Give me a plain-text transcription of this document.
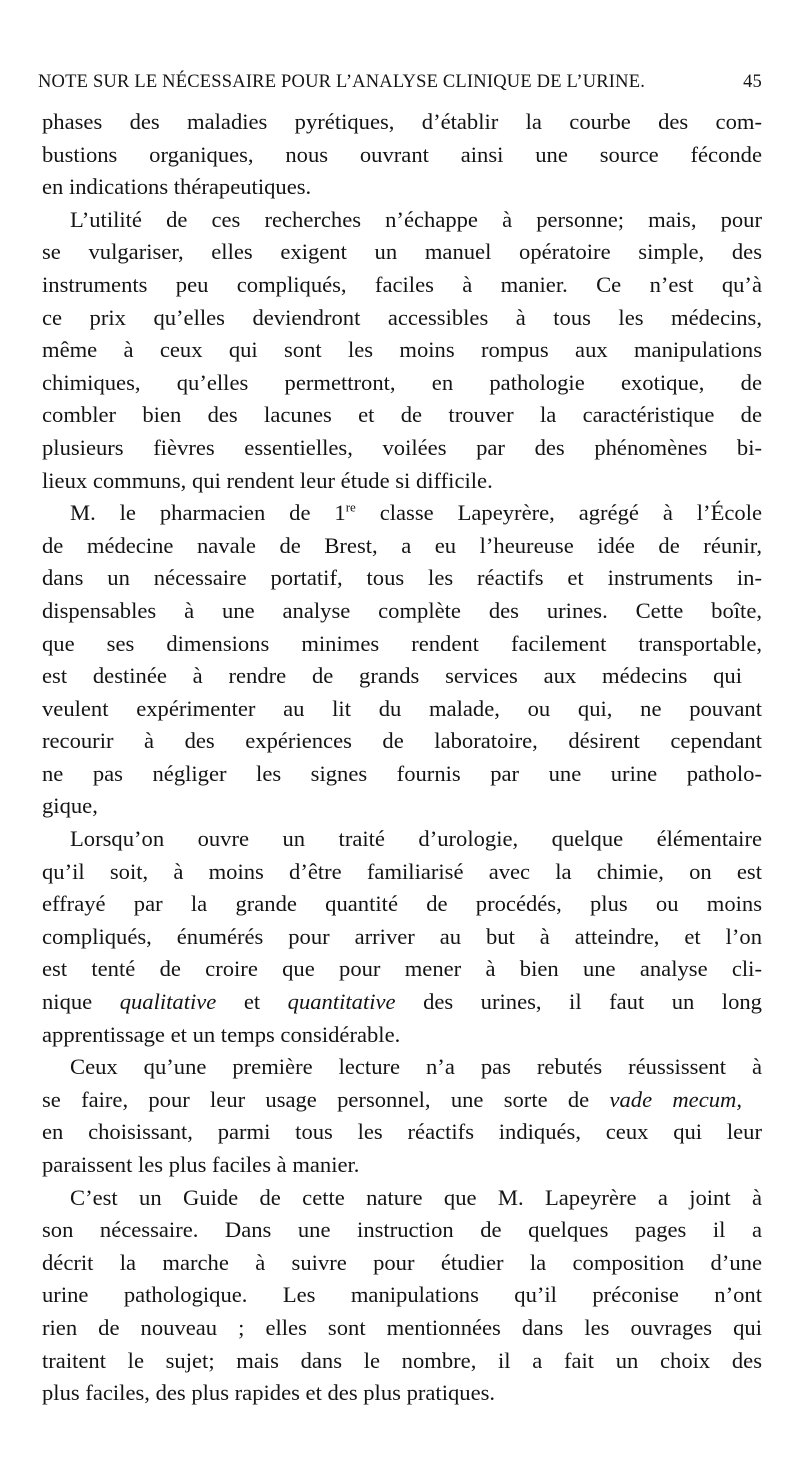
NOTE SUR LE NÉCESSAIRE POUR L’ANALYSE CLINIQUE DE L’URINE.	45
phases des maladies pyrétiques, d’établir la courbe des com-
bustions organiques, nous ouvrant ainsi une source féconde
en indications thérapeutiques.
L’utilité de ces recherches n’échappe à personne; mais, pour
se vulgariser, elles exigent un manuel opératoire simple, des
instruments peu compliqués, faciles à manier. Ce n’est qu’à
ce prix qu’elles deviendront accessibles à tous les médecins,
même à ceux qui sont les moins rompus aux manipulations
chimiques, qu’elles permettront, en pathologie exotique, de
combler bien des lacunes et de trouver la caractéristique de
plusieurs fièvres essentielles, voilées par des phénomènes bi-
lieux communs, qui rendent leur étude si difficile.
M. le pharmacien de 1re classe Lapeyrère, agrégé à l’École
de médecine navale de Brest, a eu l’heureuse idée de réunir,
dans un nécessaire portatif, tous les réactifs et instruments in-
dispensables à une analyse complète des urines. Cette boîte,
que ses dimensions minimes rendent facilement transportable,
est destinée à rendre de grands services aux médecins qui
veulent expérimenter au lit du malade, ou qui, ne pouvant
recourir à des expériences de laboratoire, désirent cependant
ne pas négliger les signes fournis par une urine patholo-
gique,
Lorsqu’on ouvre un traité d’urologie, quelque élémentaire
qu’il soit, à moins d’être familiarisé avec la chimie, on est
effrayé par la grande quantité de procédés, plus ou moins
compliqués, énumérés pour arriver au but à atteindre, et l’on
est tenté de croire que pour mener à bien une analyse cli-
nique qualitative et quantitative des urines, il faut un long
apprentissage et un temps considérable.
Ceux qu’une première lecture n’a pas rebutés réussissent à
se faire, pour leur usage personnel, une sorte de vade mecum,
en choisissant, parmi tous les réactifs indiqués, ceux qui leur
paraissent les plus faciles à manier.
C’est un Guide de cette nature que M. Lapeyrère a joint à
son nécessaire. Dans une instruction de quelques pages il a
décrit la marche à suivre pour étudier la composition d’une
urine pathologique. Les manipulations qu’il préconise n’ont
rien de nouveau ; elles sont mentionnées dans les ouvrages qui
traitent le sujet; mais dans le nombre, il a fait un choix des
plus faciles, des plus rapides et des plus pratiques.
